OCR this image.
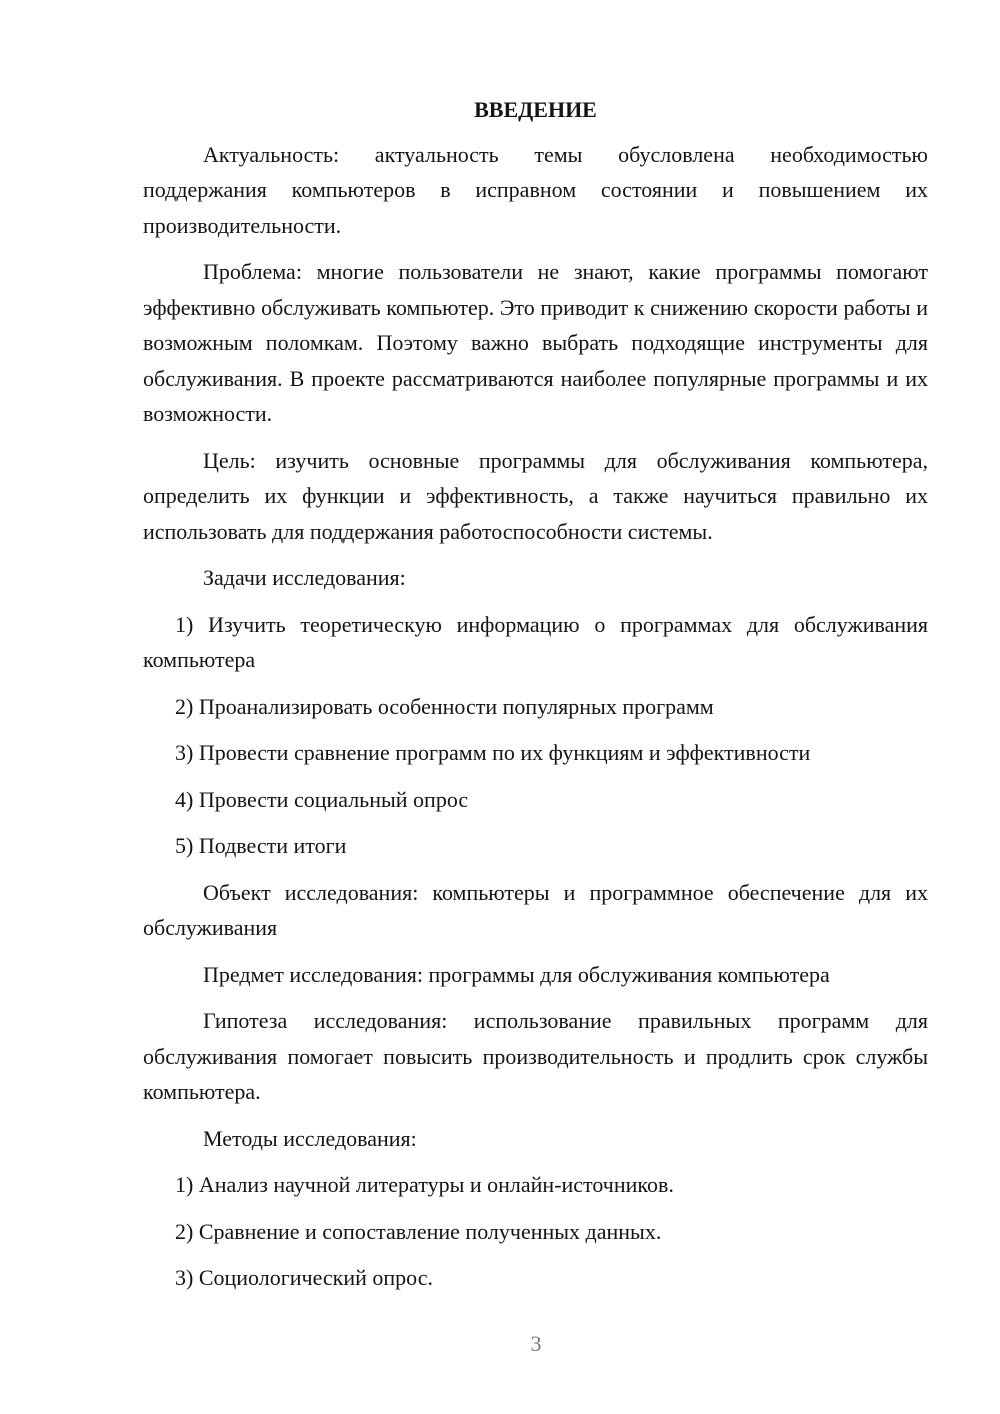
ВВЕДЕНИЕ

Актуальность: актуальность темы обусловлена необходимостью поддержания компьютеров в исправном состоянии и повышением их производительности.

Проблема: многие пользователи не знают, какие программы помогают эффективно обслуживать компьютер. Это приводит к снижению скорости работы и возможным поломкам. Поэтому важно выбрать подходящие инструменты для обслуживания. В проекте рассматриваются наиболее популярные программы и их возможности.

Цель: изучить основные программы для обслуживания компьютера, определить их функции и эффективность, а также научиться правильно их использовать для поддержания работоспособности системы.

Задачи исследования:

1) Изучить теоретическую информацию о программах для обслуживания компьютера

2) Проанализировать особенности популярных программ

3) Провести сравнение программ по их функциям и эффективности

4) Провести социальный опрос

5) Подвести итоги

Объект исследования: компьютеры и программное обеспечение для их обслуживания

Предмет исследования: программы для обслуживания компьютера

Гипотеза исследования: использование правильных программ для обслуживания помогает повысить производительность и продлить срок службы компьютера.

Методы исследования:

1) Анализ научной литературы и онлайн-источников.

2) Сравнение и сопоставление полученных данных.

3) Социологический опрос.

3
